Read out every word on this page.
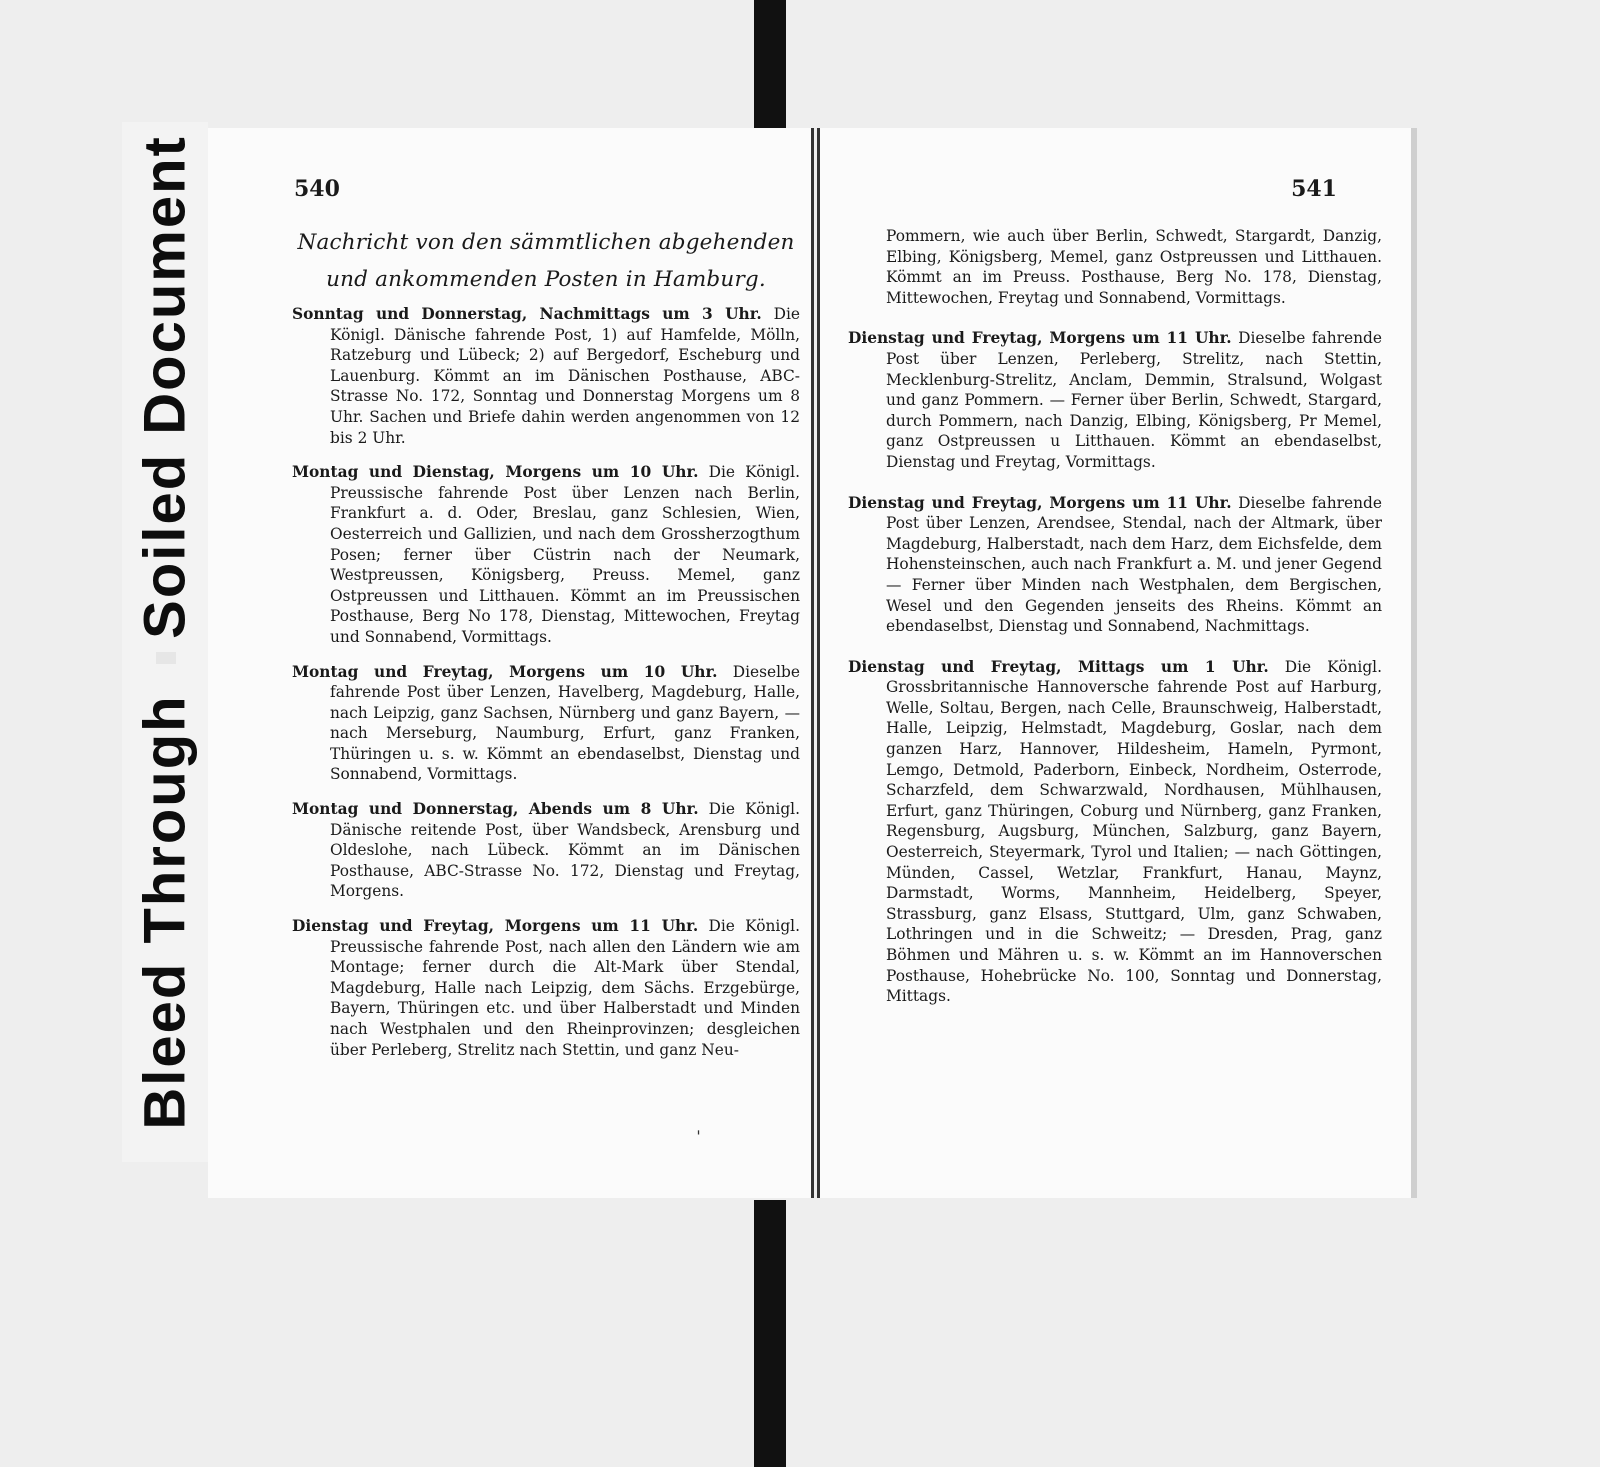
Bleed Through
Soiled Document	540
Nachricht von den sämmtlichen abgehenden
und ankommenden Posten in Hamburg.

Sonntag und Donnerstag, Nachmittags um 3 Uhr. Die Königl. Dänische fahrende Post, 1) auf Hamfelde, Mölln, Ratzeburg und Lübeck; 2) auf Bergedorf, Escheburg und Lauenburg. Kömmt an im Dänischen Posthause, ABC-Strasse No. 172, Sonntag und Donnerstag Morgens um 8 Uhr. Sachen und Briefe dahin werden angenommen von 12 bis 2 Uhr.

Montag und Dienstag, Morgens um 10 Uhr. Die Königl. Preussische fahrende Post über Lenzen nach Berlin, Frankfurt a. d. Oder, Breslau, ganz Schlesien, Wien, Oesterreich und Gallizien, und nach dem Grossherzogthum Posen; ferner über Cüstrin nach der Neumark, Westpreussen, Königsberg, Preuss. Memel, ganz Ostpreussen und Litthauen. Kömmt an im Preussischen Posthause, Berg No 178, Dienstag, Mittewochen, Freytag und Sonnabend, Vormittags.

Montag und Freytag, Morgens um 10 Uhr. Dieselbe fahrende Post über Lenzen, Havelberg, Magdeburg, Halle, nach Leipzig, ganz Sachsen, Nürnberg und ganz Bayern, — nach Merseburg, Naumburg, Erfurt, ganz Franken, Thüringen u. s. w. Kömmt an ebendaselbst, Dienstag und Sonnabend, Vormittags.

Montag und Donnerstag, Abends um 8 Uhr. Die Königl. Dänische reitende Post, über Wandsbeck, Arensburg und Oldeslohe, nach Lübeck. Kömmt an im Dänischen Posthause, ABC-Strasse No. 172, Dienstag und Freytag, Morgens.

Dienstag und Freytag, Morgens um 11 Uhr. Die Königl. Preussische fahrende Post, nach allen den Ländern wie am Montage; ferner durch die Alt-Mark über Stendal, Magdeburg, Halle nach Leipzig, dem Sächs. Erzgebürge, Bayern, Thüringen etc. und über Halberstadt und Minden nach Westphalen und den Rheinprovinzen; desgleichen über Perleberg, Strelitz nach Stettin, und ganz Neu-

ˈ
541

Pommern, wie auch über Berlin, Schwedt, Stargardt, Danzig, Elbing, Königsberg, Memel, ganz Ostpreussen und Litthauen. Kömmt an im Preuss. Posthause, Berg No. 178, Dienstag, Mittewochen, Freytag und Sonnabend, Vormittags.

Dienstag und Freytag, Morgens um 11 Uhr. Dieselbe fahrende Post über Lenzen, Perleberg, Strelitz, nach Stettin, Mecklenburg-Strelitz, Anclam, Demmin, Stralsund, Wolgast und ganz Pommern. — Ferner über Berlin, Schwedt, Stargard, durch Pommern, nach Danzig, Elbing, Königsberg, Pr Memel, ganz Ostpreussen u Litthauen. Kömmt an ebendaselbst, Dienstag und Freytag, Vormittags.

Dienstag und Freytag, Morgens um 11 Uhr. Dieselbe fahrende Post über Lenzen, Arendsee, Stendal, nach der Altmark, über Magdeburg, Halberstadt, nach dem Harz, dem Eichsfelde, dem Hohensteinschen, auch nach Frankfurt a. M. und jener Gegend — Ferner über Minden nach Westphalen, dem Bergischen, Wesel und den Gegenden jenseits des Rheins. Kömmt an ebendaselbst, Dienstag und Sonnabend, Nachmittags.

Dienstag und Freytag, Mittags um 1 Uhr. Die Königl. Grossbritannische Hannoversche fahrende Post auf Harburg, Welle, Soltau, Bergen, nach Celle, Braunschweig, Halberstadt, Halle, Leipzig, Helmstadt, Magdeburg, Goslar, nach dem ganzen Harz, Hannover, Hildesheim, Hameln, Pyrmont, Lemgo, Detmold, Paderborn, Einbeck, Nordheim, Osterrode, Scharzfeld, dem Schwarzwald, Nordhausen, Mühlhausen, Erfurt, ganz Thüringen, Coburg und Nürnberg, ganz Franken, Regensburg, Augsburg, München, Salzburg, ganz Bayern, Oesterreich, Steyermark, Tyrol und Italien; — nach Göttingen, Münden, Cassel, Wetzlar, Frankfurt, Hanau, Maynz, Darmstadt, Worms, Mannheim, Heidelberg, Speyer, Strassburg, ganz Elsass, Stuttgard, Ulm, ganz Schwaben, Lothringen und in die Schweitz; — Dresden, Prag, ganz Böhmen und Mähren u. s. w. Kömmt an im Hannoverschen Posthause, Hohebrücke No. 100, Sonntag und Donnerstag, Mittags.
